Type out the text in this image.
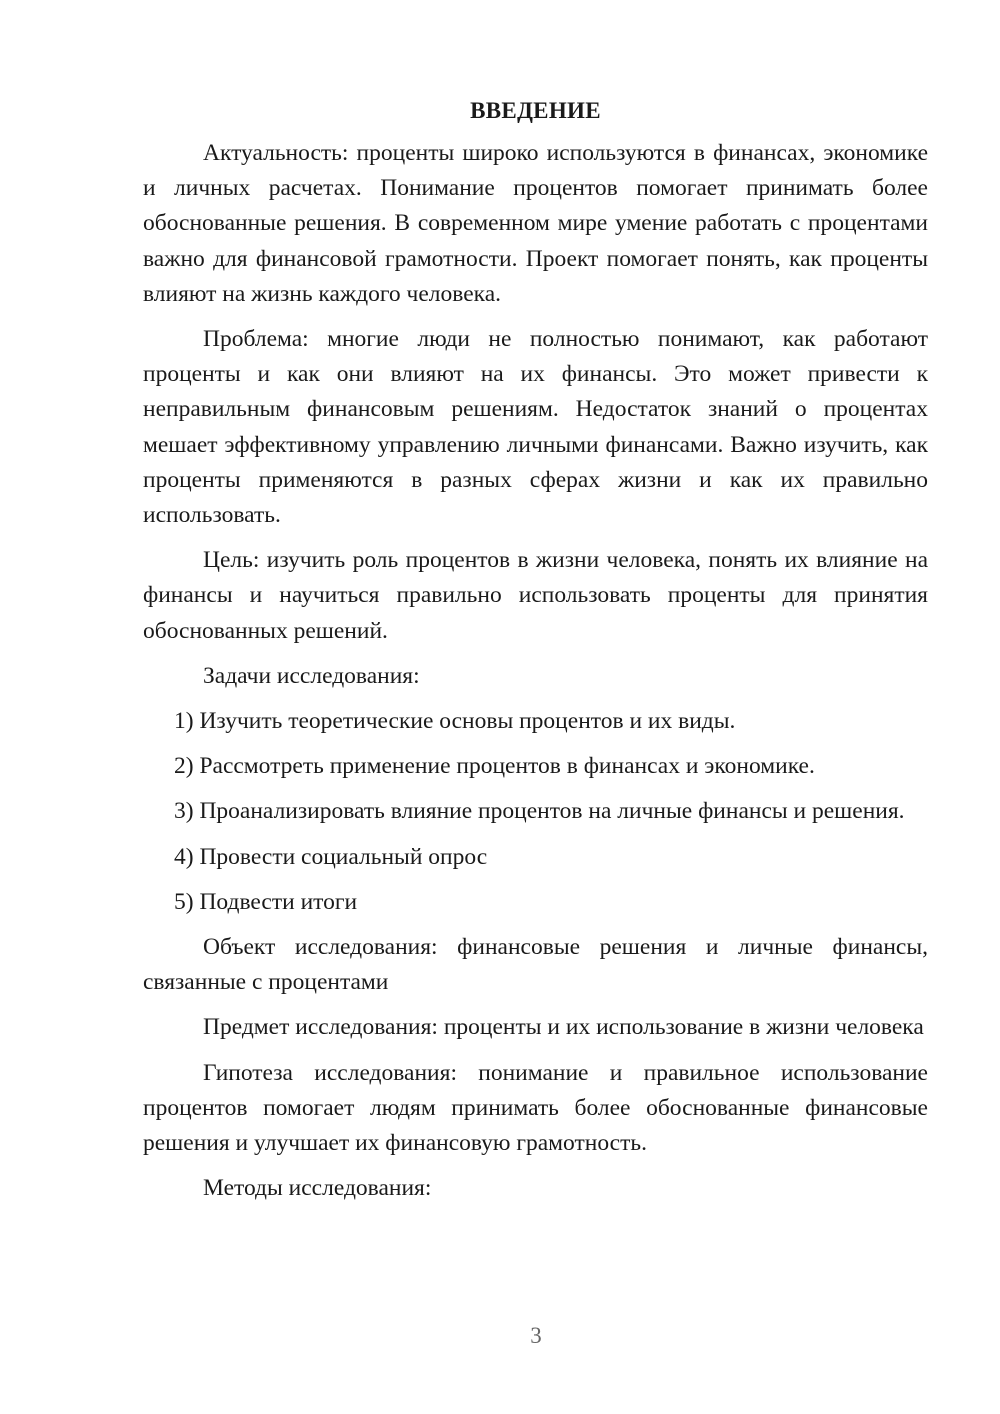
ВВЕДЕНИЕ

Актуальность: проценты широко используются в финансах, экономике и личных расчетах. Понимание процентов помогает принимать более обоснованные решения. В современном мире умение работать с процентами важно для финансовой грамотности. Проект помогает понять, как проценты влияют на жизнь каждого человека.

Проблема: многие люди не полностью понимают, как работают проценты и как они влияют на их финансы. Это может привести к неправильным финансовым решениям. Недостаток знаний о процентах мешает эффективному управлению личными финансами. Важно изучить, как проценты применяются в разных сферах жизни и как их правильно использовать.

Цель: изучить роль процентов в жизни человека, понять их влияние на финансы и научиться правильно использовать проценты для принятия обоснованных решений.

Задачи исследования:

1) Изучить теоретические основы процентов и их виды.

2) Рассмотреть применение процентов в финансах и экономике.

3) Проанализировать влияние процентов на личные финансы и решения.

4) Провести социальный опрос

5) Подвести итоги

Объект исследования: финансовые решения и личные финансы, связанные с процентами

Предмет исследования: проценты и их использование в жизни человека

Гипотеза исследования: понимание и правильное использование процентов помогает людям принимать более обоснованные финансовые решения и улучшает их финансовую грамотность.

Методы исследования:

3
